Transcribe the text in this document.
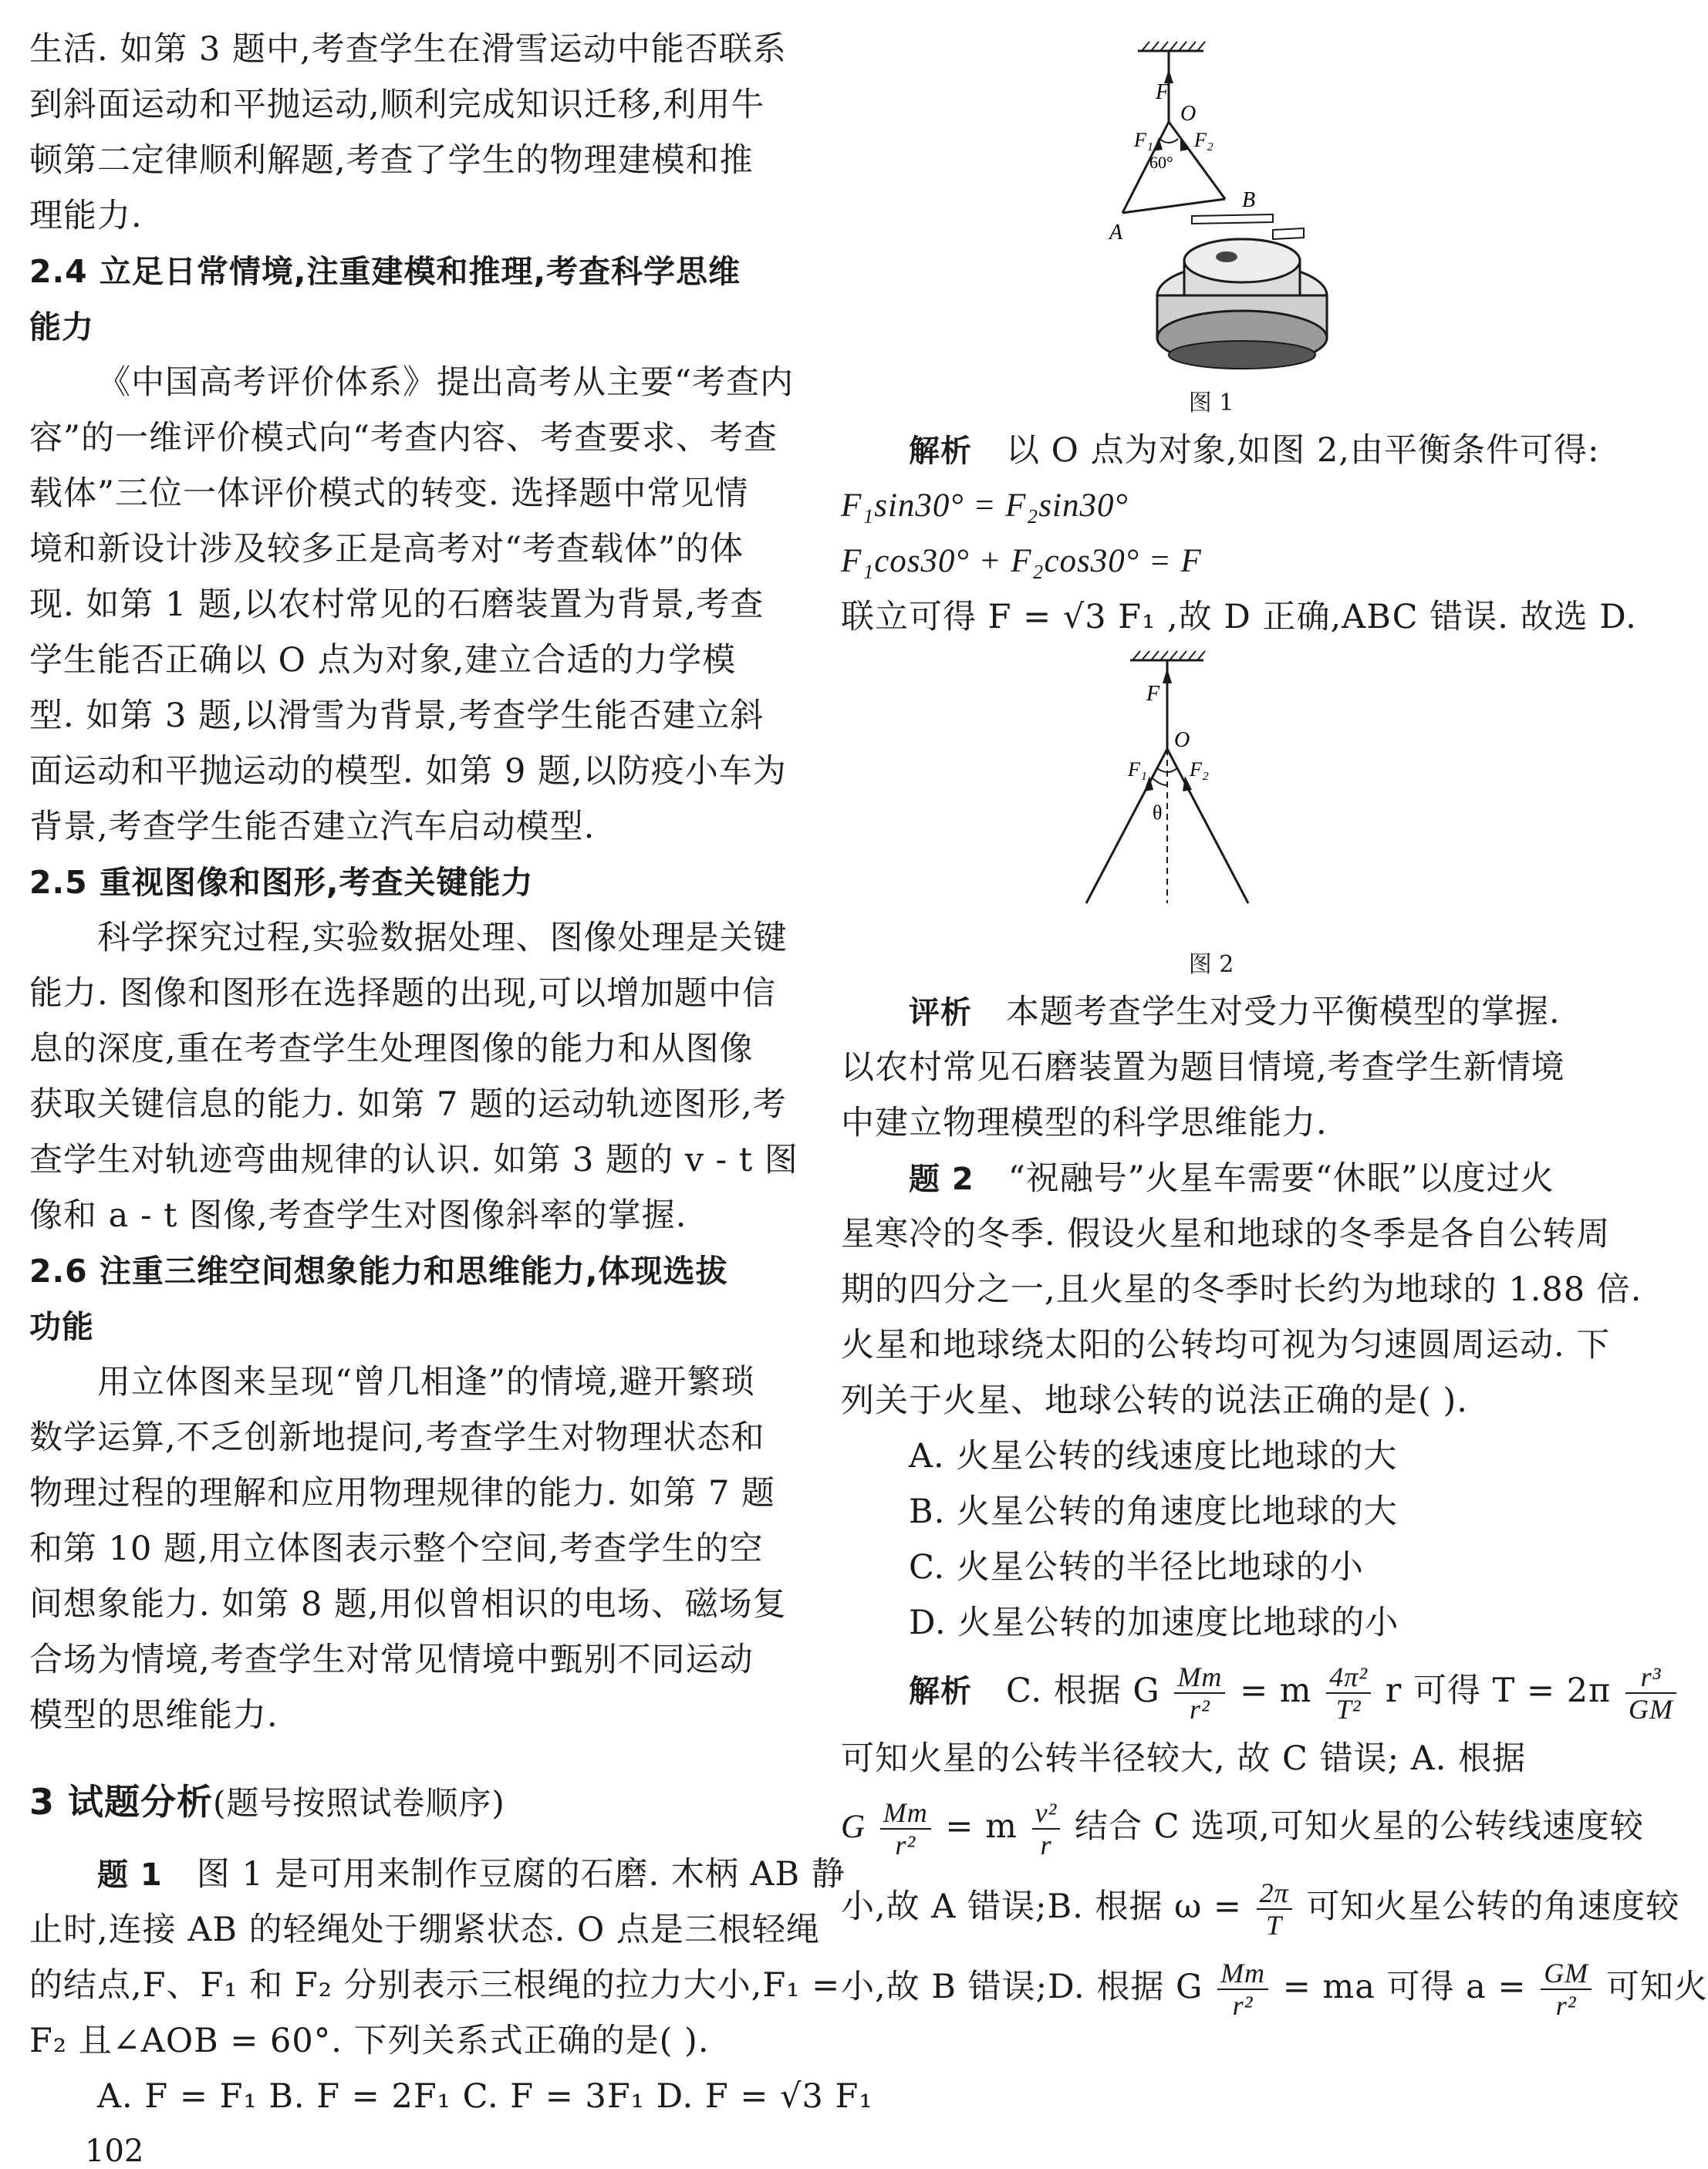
生活. 如第 3 题中,考查学生在滑雪运动中能否联系
到斜面运动和平抛运动,顺利完成知识迁移,利用牛
顿第二定律顺利解题,考查了学生的物理建模和推
理能力.
2.4 立足日常情境,注重建模和推理,考查科学思维
能力
《中国高考评价体系》提出高考从主要“考查内
容”的一维评价模式向“考查内容、考查要求、考查
载体”三位一体评价模式的转变. 选择题中常见情
境和新设计涉及较多正是高考对“考查载体”的体
现. 如第 1 题,以农村常见的石磨装置为背景,考查
学生能否正确以 O 点为对象,建立合适的力学模
型. 如第 3 题,以滑雪为背景,考查学生能否建立斜
面运动和平抛运动的模型. 如第 9 题,以防疫小车为
背景,考查学生能否建立汽车启动模型.
2.5 重视图像和图形,考查关键能力
科学探究过程,实验数据处理、图像处理是关键
能力. 图像和图形在选择题的出现,可以增加题中信
息的深度,重在考查学生处理图像的能力和从图像
获取关键信息的能力. 如第 7 题的运动轨迹图形,考
查学生对轨迹弯曲规律的认识. 如第 3 题的 v - t 图
像和 a - t 图像,考查学生对图像斜率的掌握.
2.6 注重三维空间想象能力和思维能力,体现选拔
功能
用立体图来呈现“曾几相逢”的情境,避开繁琐
数学运算,不乏创新地提问,考查学生对物理状态和
物理过程的理解和应用物理规律的能力. 如第 7 题
和第 10 题,用立体图表示整个空间,考查学生的空
间想象能力. 如第 8 题,用似曾相识的电场、磁场复
合场为情境,考查学生对常见情境中甄别不同运动
模型的思维能力.
3 试题分析(题号按照试卷顺序)
题 1 图 1 是可用来制作豆腐的石磨. 木柄 AB 静
止时,连接 AB 的轻绳处于绷紧状态. O 点是三根轻绳
的结点,F、F₁ 和 F₂ 分别表示三根绳的拉力大小,F₁ =
F₂ 且∠AOB = 60°. 下列关系式正确的是( ).
A. F = F₁ B. F = 2F₁ C. F = 3F₁ D. F = √3 F₁
F
O
F₁ F₂
60°
A
B
图 1
解析 以 O 点为对象,如图 2,由平衡条件可得:
F₁sin30° = F₂sin30°
F₁cos30° + F₂cos30° = F
联立可得 F = √3 F₁ ,故 D 正确,ABC 错误. 故选 D.
F
O
F₁ F₂
θ
图 2
评析 本题考查学生对受力平衡模型的掌握.
以农村常见石磨装置为题目情境,考查学生新情境
中建立物理模型的科学思维能力.
题 2 “祝融号”火星车需要“休眠”以度过火
星寒冷的冬季. 假设火星和地球的冬季是各自公转周
期的四分之一,且火星的冬季时长约为地球的 1.88 倍.
火星和地球绕太阳的公转均可视为匀速圆周运动. 下
列关于火星、地球公转的说法正确的是( ).
A. 火星公转的线速度比地球的大
B. 火星公转的角速度比地球的大
C. 火星公转的半径比地球的小
D. 火星公转的加速度比地球的小
解析 C. 根据 G $\frac{Mm}{\text{r²}} = m \frac{\text{4π²}}{\text{T²}}$ r 可得 $T = 2\pi \frac{\text{r³}}{GM}$
可知火星的公转半径较大, 故 C 错误; A. 根据
G $\frac{Mm}{\text{r²}} = m \frac{\text{v²}}{r}$ 结合 C 选项,可知火星的公转线速度较
小,故 A 错误;B. 根据 $\omega = \frac{2\pi}{T}$ 可知火星公转的角速度较
小,故 B 错误;D. 根据 G $\frac{Mm}{\text{r²}}$ = ma 可得 $a = \frac{GM}{\text{r²}}$ 可知火
102
